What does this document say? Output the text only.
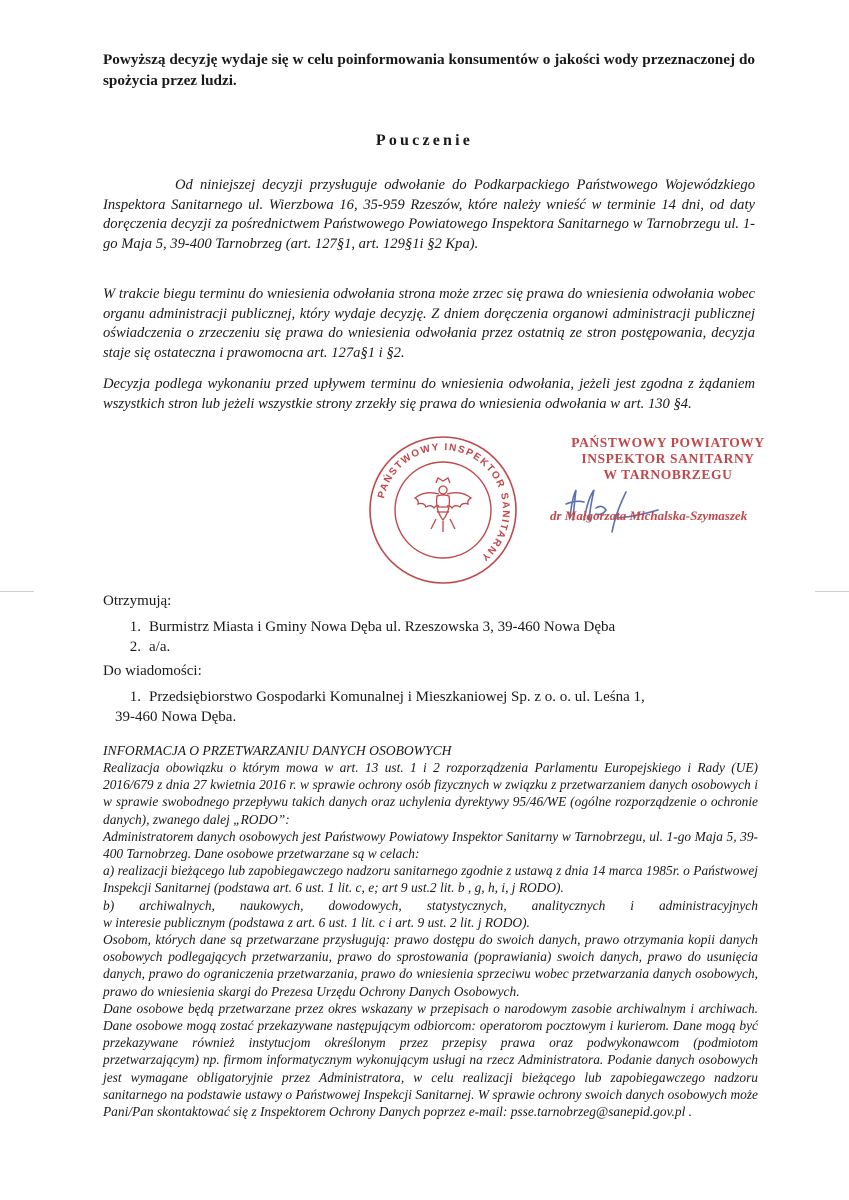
Powyższą decyzję wydaje się w celu poinformowania konsumentów o jakości wody przeznaczonej do spożycia przez ludzi.
Pouczenie
Od niniejszej decyzji przysługuje odwołanie do Podkarpackiego Państwowego Wojewódzkiego Inspektora Sanitarnego ul. Wierzbowa 16, 35-959 Rzeszów, które należy wnieść w terminie 14 dni, od daty doręczenia decyzji za pośrednictwem Państwowego Powiatowego Inspektora Sanitarnego w Tarnobrzegu ul. 1-go Maja 5, 39-400 Tarnobrzeg (art. 127§1, art. 129§1i §2 Kpa).
W trakcie biegu terminu do wniesienia odwołania strona może zrzec się prawa do wniesienia odwołania wobec organu administracji publicznej, który wydaje decyzję. Z dniem doręczenia organowi administracji publicznej oświadczenia o zrzeczeniu się prawa do wniesienia odwołania przez ostatnią ze stron postępowania, decyzja staje się ostateczna i prawomocna art. 127a§1 i §2.
Decyzja podlega wykonaniu przed upływem terminu do wniesienia odwołania, jeżeli jest zgodna z żądaniem wszystkich stron lub jeżeli wszystkie strony zrzekły się prawa do wniesienia odwołania w art. 130 §4.
PAŃSTWOWY INSPEKTOR SANITARNY
PAŃSTWOWY POWIATOWY
INSPEKTOR SANITARNY
W TARNOBRZEGU
dr Małgorzata Michalska-Szymaszek
Otrzymują:
1. Burmistrz Miasta i Gminy Nowa Dęba ul. Rzeszowska 3, 39-460 Nowa Dęba
2. a/a.
Do wiadomości:
1. Przedsiębiorstwo Gospodarki Komunalnej i Mieszkaniowej Sp. z o. o. ul. Leśna 1,
39-460 Nowa Dęba.
INFORMACJA O PRZETWARZANIU DANYCH OSOBOWYCH

Realizacja obowiązku o którym mowa w art. 13 ust. 1 i 2 rozporządzenia Parlamentu Europejskiego i Rady (UE) 2016/679 z dnia 27 kwietnia 2016 r. w sprawie ochrony osób fizycznych w związku z przetwarzaniem danych osobowych i w sprawie swobodnego przepływu takich danych oraz uchylenia dyrektywy 95/46/WE (ogólne rozporządzenie o ochronie danych), zwanego dalej „RODO”:

Administratorem danych osobowych jest Państwowy Powiatowy Inspektor Sanitarny w Tarnobrzegu, ul. 1-go Maja 5, 39-400 Tarnobrzeg. Dane osobowe przetwarzane są w celach:

a) realizacji bieżącego lub zapobiegawczego nadzoru sanitarnego zgodnie z ustawą z dnia 14 marca 1985r. o Państwowej Inspekcji Sanitarnej (podstawa art. 6 ust. 1 lit. c, e; art 9 ust.2 lit. b , g, h, i, j RODO).

b) archiwalnych, naukowych, dowodowych, statystycznych, analitycznych i administracyjnych

w interesie publicznym (podstawa z art. 6 ust. 1 lit. c i art. 9 ust. 2 lit. j RODO).

Osobom, których dane są przetwarzane przysługują: prawo dostępu do swoich danych, prawo otrzymania kopii danych osobowych podlegających przetwarzaniu, prawo do sprostowania (poprawiania) swoich danych, prawo do usunięcia danych, prawo do ograniczenia przetwarzania, prawo do wniesienia sprzeciwu wobec przetwarzania danych osobowych, prawo do wniesienia skargi do Prezesa Urzędu Ochrony Danych Osobowych.

Dane osobowe będą przetwarzane przez okres wskazany w przepisach o narodowym zasobie archiwalnym i archiwach. Dane osobowe mogą zostać przekazywane następującym odbiorcom: operatorom pocztowym i kurierom. Dane mogą być przekazywane również instytucjom określonym przez przepisy prawa oraz podwykonawcom (podmiotom przetwarzającym) np. firmom informatycznym wykonującym usługi na rzecz Administratora. Podanie danych osobowych jest wymagane obligatoryjnie przez Administratora, w celu realizacji bieżącego lub zapobiegawczego nadzoru sanitarnego na podstawie ustawy o Państwowej Inspekcji Sanitarnej. W sprawie ochrony swoich danych osobowych może Pani/Pan skontaktować się z Inspektorem Ochrony Danych poprzez e-mail: psse.tarnobrzeg@sanepid.gov.pl .
